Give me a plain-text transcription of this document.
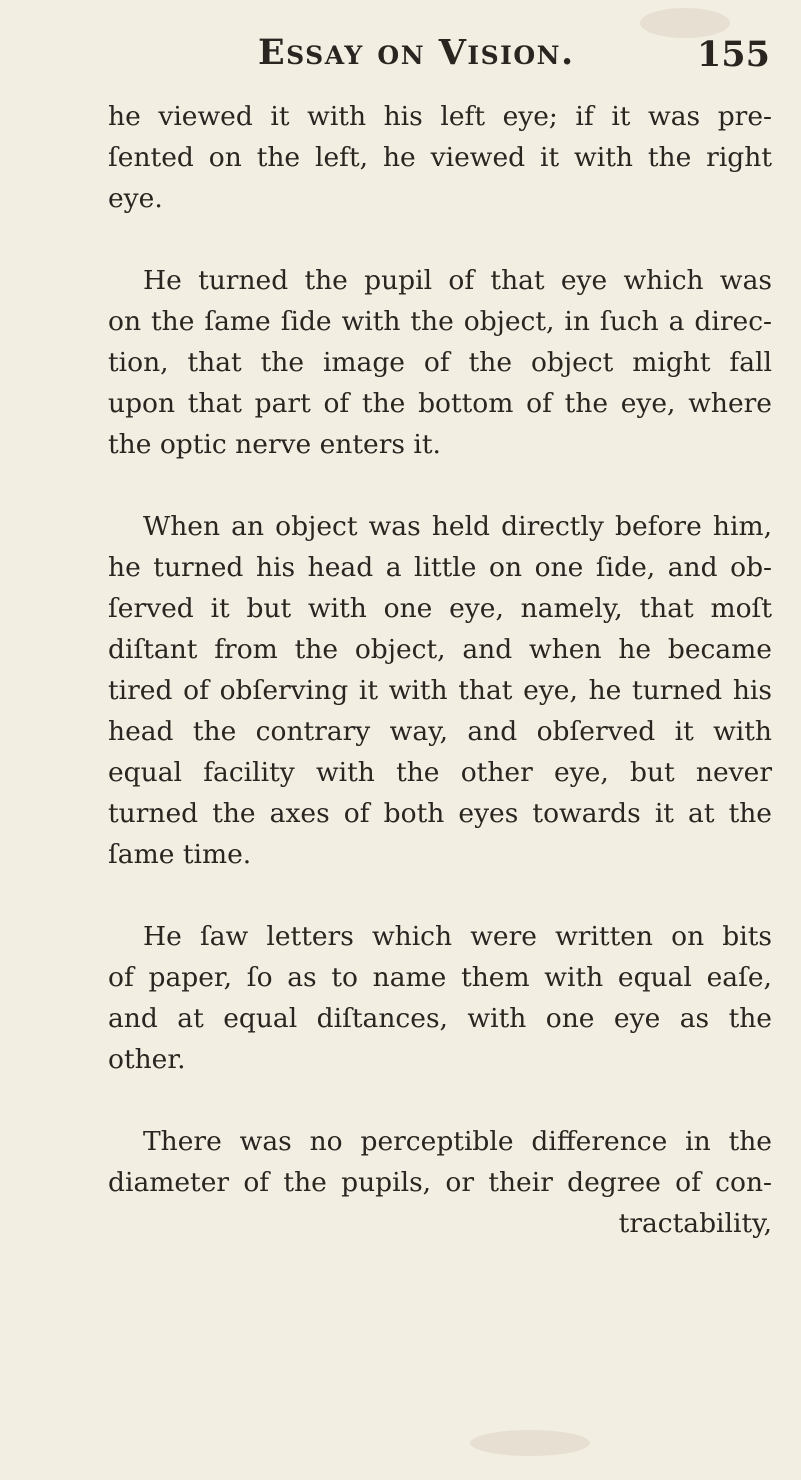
Essay on Vision.	155

he viewed it with his left eye; if it was pre-
ſented on the left, he viewed it with the right
eye.

He turned the pupil of that eye which was
on the ſame ſide with the object, in ſuch a direc-
tion, that the image of the object might fall
upon that part of the bottom of the eye, where
the optic nerve enters it.

When an object was held directly before him,
he turned his head a little on one ſide, and ob-
ſerved it but with one eye, namely, that moſt
diſtant from the object, and when he became
tired of obſerving it with that eye, he turned his
head the contrary way, and obſerved it with
equal facility with the other eye, but never
turned the axes of both eyes towards it at the
ſame time.

He ſaw letters which were written on bits
of paper, ſo as to name them with equal eaſe,
and at equal diſtances, with one eye as the
other.

There was no perceptible difference in the
diameter of the pupils, or their degree of con-
tractability,
